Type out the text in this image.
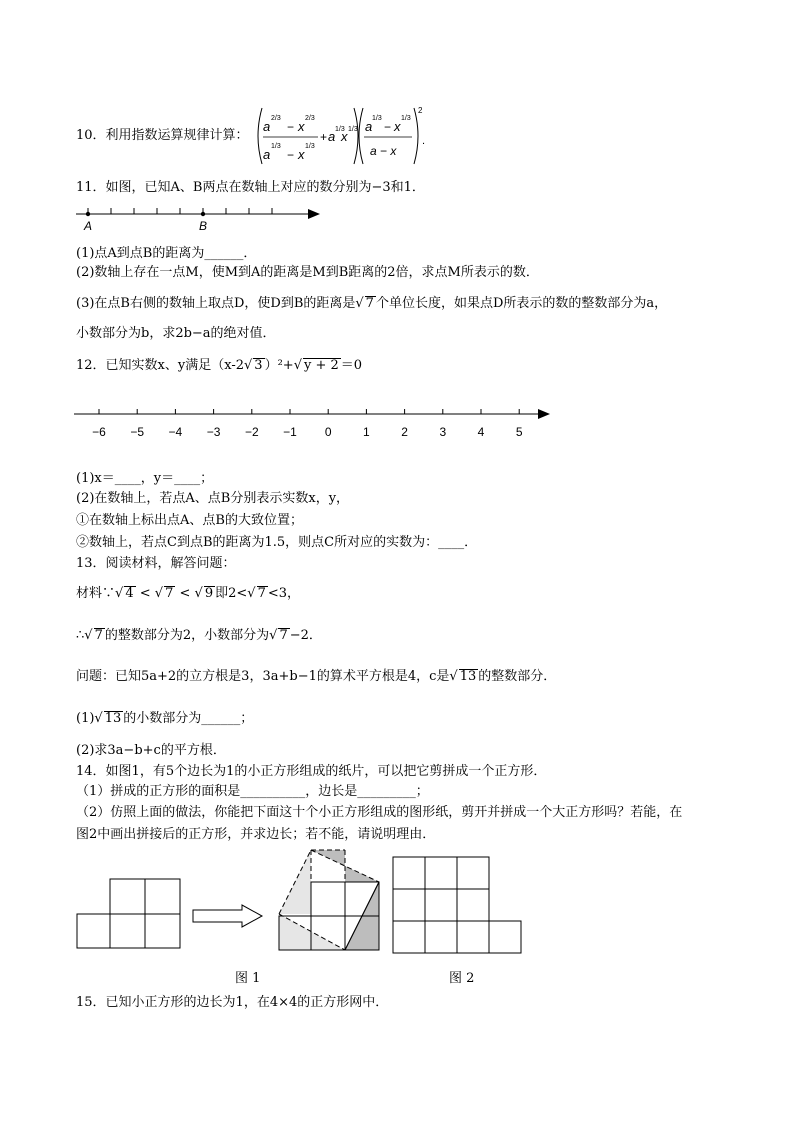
10．利用指数运算规律计算：
a
2/3
− x
2/3
a
1/3
− x
1/3
+ a 1/3
x 1/3 a
1/3
− x
1/3
a − x
2
.
11．如图，已知A、B两点在数轴上对应的数分别为−3和1．
A	B
(1)点A到点B的距离为______．
(2)数轴上存在一点M，使M到A的距离是M到B距离的2倍，求点M所表示的数．
(3)在点B右侧的数轴上取点D，使D到B的距离是√ 7 个单位长度，如果点D所表示的数的整数部分为a，
小数部分为b，求2b−a的绝对值．
12．已知实数x、y满足（x-2√ 3 ）²+√ y + 2 ＝0
−6 −5 −4 −3 −2 −1 0	1	2	3	4	5
(1)x＝____，y＝____；
(2)在数轴上，若点A、点B分别表示实数x，y，
①在数轴上标出点A、点B的大致位置；
②数轴上，若点C到点B的距离为1.5，则点C所对应的实数为：____．
13．阅读材料，解答问题：
材料∵√ 4 < √ 7 < √ 9 即2<√ 7 <3，
∴√ 7 的整数部分为2，小数部分为√ 7 −2．
问题：已知5a+2的立方根是3，3a+b−1的算术平方根是4，c是√ 13 的整数部分．
(1)√ 13 的小数部分为______；
(2)求3a−b+c的平方根．
14．如图1，有5个边长为1的小正方形组成的纸片，可以把它剪拼成一个正方形．
（1）拼成的正方形的面积是__________，边长是_________；
（2）仿照上面的做法，你能把下面这十个小正方形组成的图形纸，剪开并拼成一个大正方形吗？若能，在
图2中画出拼接后的正方形，并求边长；若不能，请说明理由．
图 1	图 2
15．已知小正方形的边长为1，在4×4的正方形网中．
